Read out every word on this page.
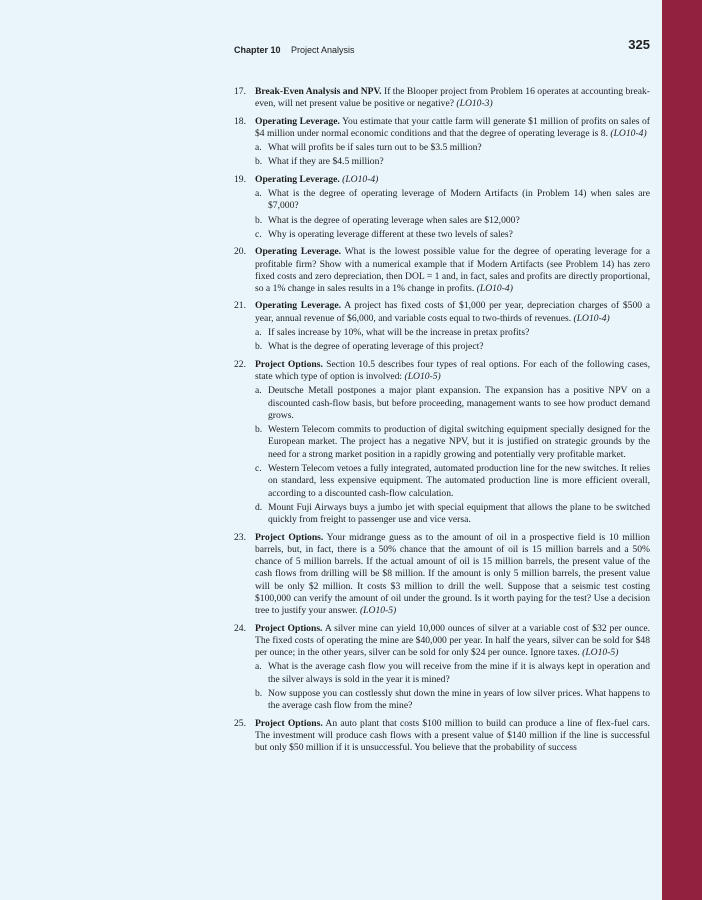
Chapter 10 Project Analysis	325
17. Break-Even Analysis and NPV. If the Blooper project from Problem 16 operates at accounting break-even, will net present value be positive or negative? (LO10-3)
18. Operating Leverage. You estimate that your cattle farm will generate $1 million of profits on sales of $4 million under normal economic conditions and that the degree of operating leverage is 8. (LO10-4)
a. What will profits be if sales turn out to be $3.5 million?
b. What if they are $4.5 million?
19. Operating Leverage. (LO10-4)
a. What is the degree of operating leverage of Modern Artifacts (in Problem 14) when sales are $7,000?
b. What is the degree of operating leverage when sales are $12,000?
c. Why is operating leverage different at these two levels of sales?
20. Operating Leverage. What is the lowest possible value for the degree of operating leverage for a profitable firm? Show with a numerical example that if Modern Artifacts (see Problem 14) has zero fixed costs and zero depreciation, then DOL = 1 and, in fact, sales and profits are directly proportional, so a 1% change in sales results in a 1% change in profits. (LO10-4)
21. Operating Leverage. A project has fixed costs of $1,000 per year, depreciation charges of $500 a year, annual revenue of $6,000, and variable costs equal to two-thirds of revenues. (LO10-4)
a. If sales increase by 10%, what will be the increase in pretax profits?
b. What is the degree of operating leverage of this project?
22. Project Options. Section 10.5 describes four types of real options. For each of the following cases, state which type of option is involved: (LO10-5)
a. Deutsche Metall postpones a major plant expansion. The expansion has a positive NPV on a discounted cash-flow basis, but before proceeding, management wants to see how product demand grows.
b. Western Telecom commits to production of digital switching equipment specially designed for the European market. The project has a negative NPV, but it is justified on strategic grounds by the need for a strong market position in a rapidly growing and potentially very profitable market.
c. Western Telecom vetoes a fully integrated, automated production line for the new switches. It relies on standard, less expensive equipment. The automated production line is more efficient overall, according to a discounted cash-flow calculation.
d. Mount Fuji Airways buys a jumbo jet with special equipment that allows the plane to be switched quickly from freight to passenger use and vice versa.
23. Project Options. Your midrange guess as to the amount of oil in a prospective field is 10 million barrels, but, in fact, there is a 50% chance that the amount of oil is 15 million barrels and a 50% chance of 5 million barrels. If the actual amount of oil is 15 million barrels, the present value of the cash flows from drilling will be $8 million. If the amount is only 5 million barrels, the present value will be only $2 million. It costs $3 million to drill the well. Suppose that a seismic test costing $100,000 can verify the amount of oil under the ground. Is it worth paying for the test? Use a decision tree to justify your answer. (LO10-5)
24. Project Options. A silver mine can yield 10,000 ounces of silver at a variable cost of $32 per ounce. The fixed costs of operating the mine are $40,000 per year. In half the years, silver can be sold for $48 per ounce; in the other years, silver can be sold for only $24 per ounce. Ignore taxes. (LO10-5)
a. What is the average cash flow you will receive from the mine if it is always kept in operation and the silver always is sold in the year it is mined?
b. Now suppose you can costlessly shut down the mine in years of low silver prices. What happens to the average cash flow from the mine?
25. Project Options. An auto plant that costs $100 million to build can produce a line of flex-fuel cars. The investment will produce cash flows with a present value of $140 million if the line is successful but only $50 million if it is unsuccessful. You believe that the probability of success
